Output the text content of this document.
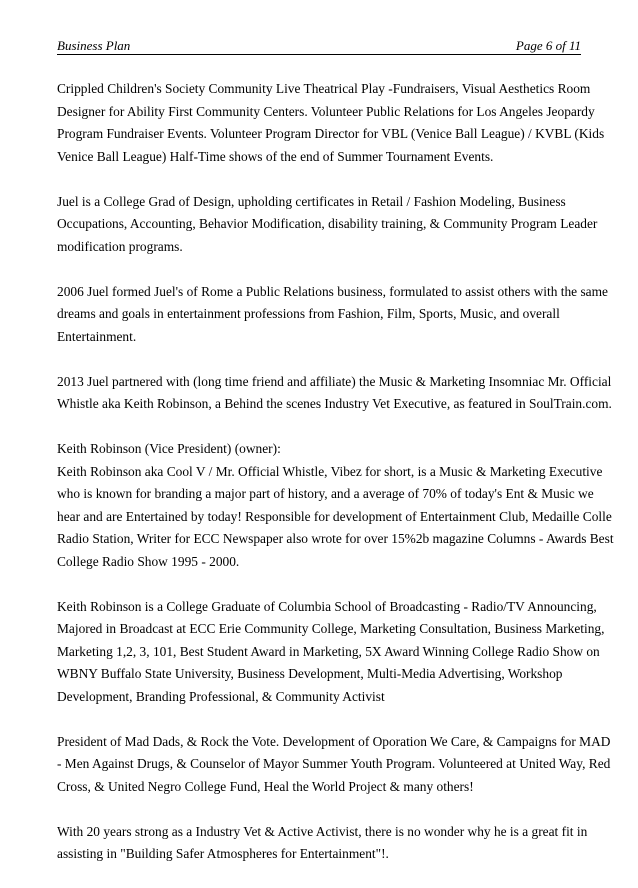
Business Plan	Page 6 of 11

Crippled Children's Society Community Live Theatrical Play -Fundraisers, Visual Aesthetics Room
Designer for Ability First Community Centers. Volunteer Public Relations for Los Angeles Jeopardy
Program Fundraiser Events. Volunteer Program Director for VBL (Venice Ball League) / KVBL (Kids
Venice Ball League) Half-Time shows of the end of Summer Tournament Events.

Juel is a College Grad of Design, upholding certificates in Retail / Fashion Modeling, Business
Occupations, Accounting, Behavior Modification, disability training, & Community Program Leader
modification programs.

2006 Juel formed Juel's of Rome a Public Relations business, formulated to assist others with the same
dreams and goals in entertainment professions from Fashion, Film, Sports, Music, and overall
Entertainment.

2013 Juel partnered with (long time friend and affiliate) the Music & Marketing Insomniac Mr. Official
Whistle aka Keith Robinson, a Behind the scenes Industry Vet Executive, as featured in SoulTrain.com.

Keith Robinson (Vice President) (owner):
Keith Robinson aka Cool V / Mr. Official Whistle, Vibez for short, is a Music & Marketing Executive
who is known for branding a major part of history, and a average of 70% of today's Ent & Music we
hear and are Entertained by today! Responsible for development of Entertainment Club, Medaille Colle
Radio Station, Writer for ECC Newspaper also wrote for over 15%2b magazine Columns - Awards Best
College Radio Show 1995 - 2000.

Keith Robinson is a College Graduate of Columbia School of Broadcasting - Radio/TV Announcing,
Majored in Broadcast at ECC Erie Community College, Marketing Consultation, Business Marketing,
Marketing 1,2, 3, 101, Best Student Award in Marketing, 5X Award Winning College Radio Show on
WBNY Buffalo State University, Business Development, Multi-Media Advertising, Workshop
Development, Branding Professional, & Community Activist

President of Mad Dads, & Rock the Vote. Development of Oporation We Care, & Campaigns for MAD
- Men Against Drugs, & Counselor of Mayor Summer Youth Program. Volunteered at United Way, Red
Cross, & United Negro College Fund, Heal the World Project & many others!

With 20 years strong as a Industry Vet & Active Activist, there is no wonder why he is a great fit in
assisting in "Building Safer Atmospheres for Entertainment"!.
